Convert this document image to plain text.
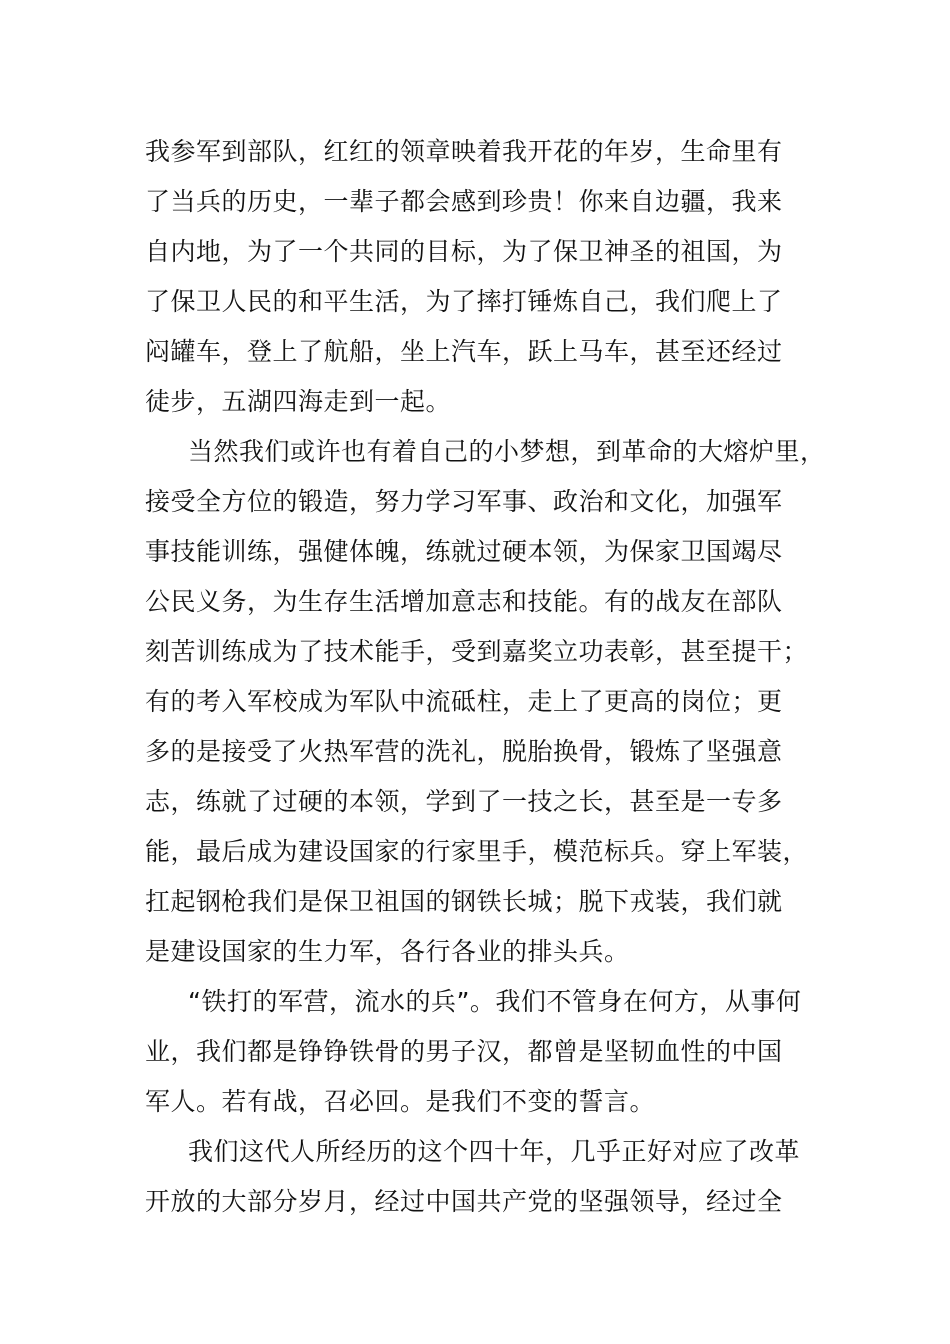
我参军到部队，红红的领章映着我开花的年岁，生命里有
了当兵的历史，一辈子都会感到珍贵！你来自边疆，我来
自内地，为了一个共同的目标，为了保卫神圣的祖国，为
了保卫人民的和平生活，为了摔打锤炼自己，我们爬上了
闷罐车，登上了航船，坐上汽车，跃上马车，甚至还经过
徒步，五湖四海走到一起。
当然我们或许也有着自己的小梦想，到革命的大熔炉里，
接受全方位的锻造，努力学习军事、政治和文化，加强军
事技能训练，强健体魄，练就过硬本领，为保家卫国竭尽
公民义务，为生存生活增加意志和技能。有的战友在部队
刻苦训练成为了技术能手，受到嘉奖立功表彰，甚至提干；
有的考入军校成为军队中流砥柱，走上了更高的岗位；更
多的是接受了火热军营的洗礼，脱胎换骨，锻炼了坚强意
志，练就了过硬的本领，学到了一技之长，甚至是一专多
能，最后成为建设国家的行家里手，模范标兵。穿上军装，
扛起钢枪我们是保卫祖国的钢铁长城；脱下戎装，我们就
是建设国家的生力军，各行各业的排头兵。
“铁打的军营，流水的兵”。我们不管身在何方，从事何
业，我们都是铮铮铁骨的男子汉，都曾是坚韧血性的中国
军人。若有战，召必回。是我们不变的誓言。
我们这代人所经历的这个四十年，几乎正好对应了改革
开放的大部分岁月，经过中国共产党的坚强领导，经过全
